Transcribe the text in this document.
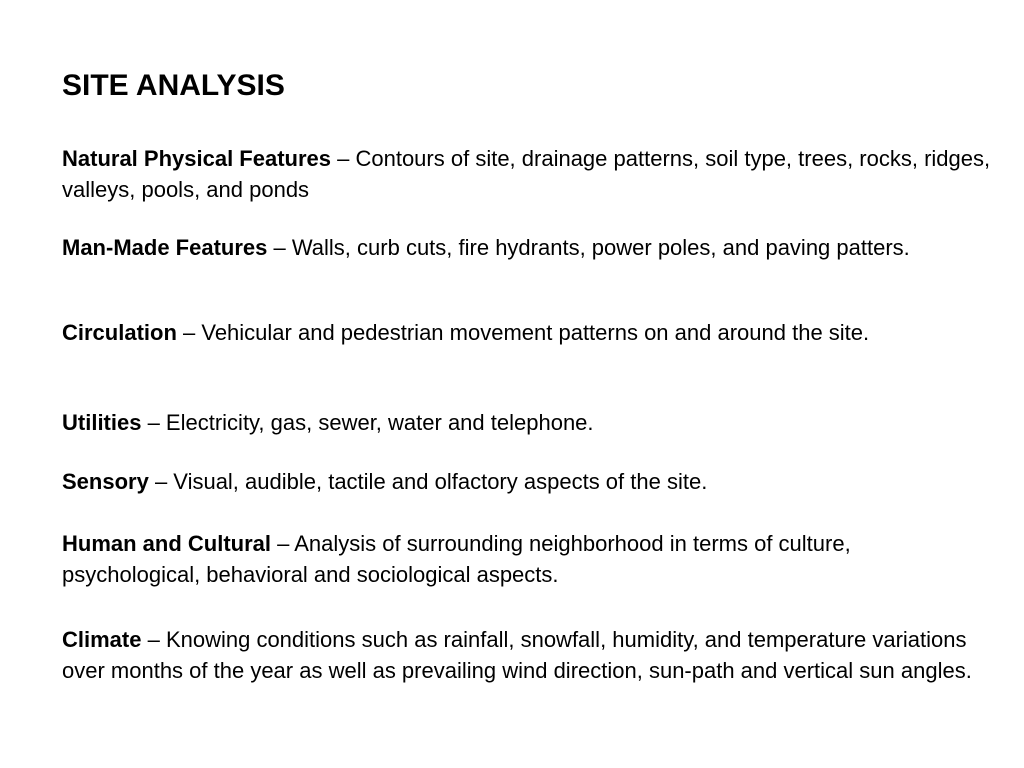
SITE ANALYSIS

Natural Physical Features – Contours of site, drainage patterns, soil type, trees, rocks, ridges, valleys, pools, and ponds

Man-Made Features – Walls, curb cuts, fire hydrants, power poles, and paving patters.

Circulation – Vehicular and pedestrian movement patterns on and around the site.

Utilities – Electricity, gas, sewer, water and telephone.

Sensory – Visual, audible, tactile and olfactory aspects of the site.

Human and Cultural – Analysis of surrounding neighborhood in terms of culture, psychological, behavioral and sociological aspects.

Climate – Knowing conditions such as rainfall, snowfall, humidity, and temperature variations over months of the year as well as prevailing wind direction, sun-path and vertical sun angles.
